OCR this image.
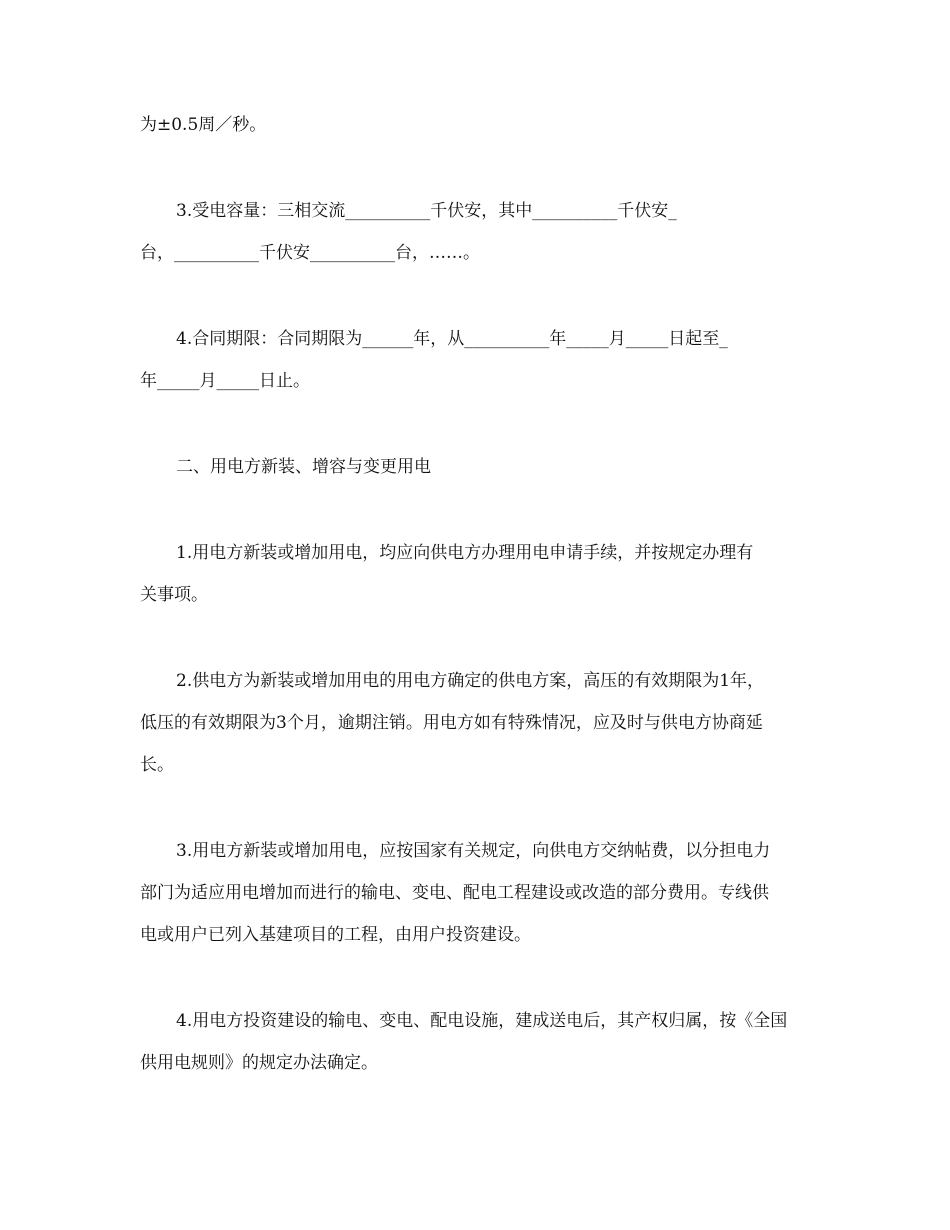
为±0.5周／秒。
3.受电容量：三相交流__________千伏安，其中__________千伏安_
台，__________千伏安__________台，……。
4.合同期限：合同期限为______年，从__________年_____月_____日起至_
年_____月_____日止。
二、用电方新装、增容与变更用电
1.用电方新装或增加用电，均应向供电方办理用电申请手续，并按规定办理有
关事项。
2.供电方为新装或增加用电的用电方确定的供电方案，高压的有效期限为1年，
低压的有效期限为3个月，逾期注销。用电方如有特殊情况，应及时与供电方协商延
长。
3.用电方新装或增加用电，应按国家有关规定，向供电方交纳帖费，以分担电力
部门为适应用电增加而进行的输电、变电、配电工程建设或改造的部分费用。专线供
电或用户已列入基建项目的工程，由用户投资建设。
4.用电方投资建设的输电、变电、配电设施，建成送电后，其产权归属，按《全国
供用电规则》的规定办法确定。
